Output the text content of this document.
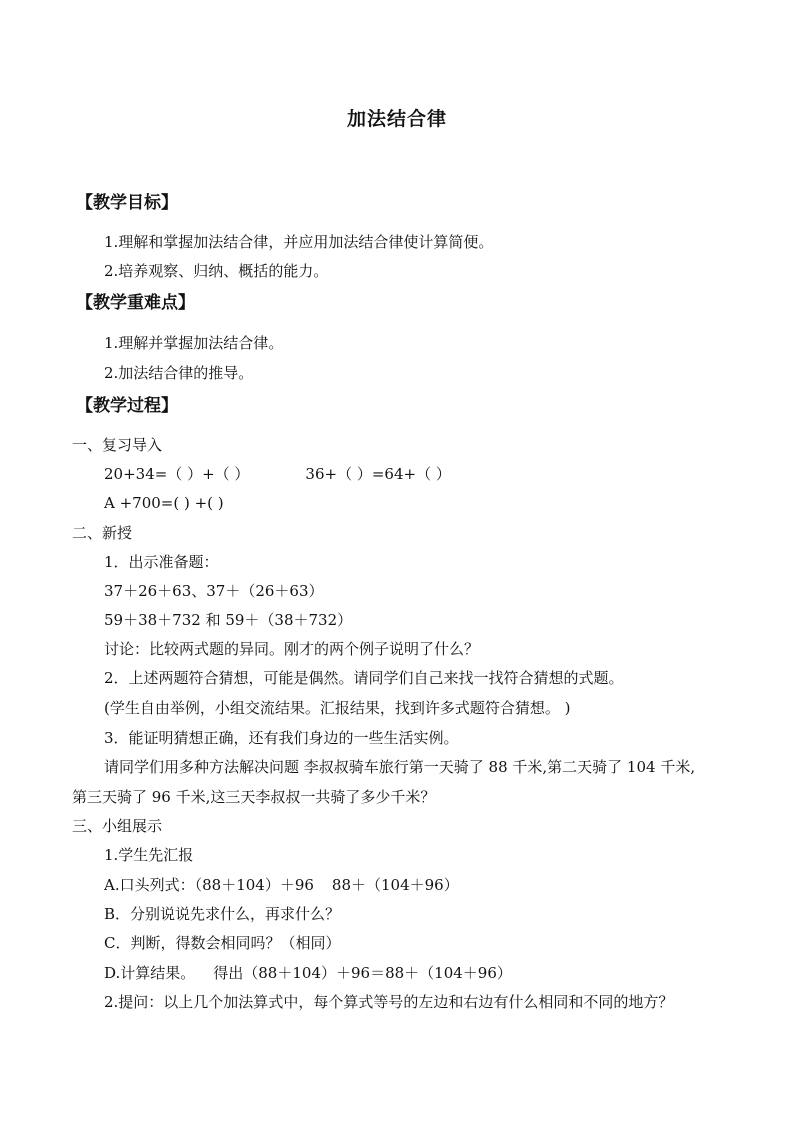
加法结合律
【教学目标】
1.理解和掌握加法结合律，并应用加法结合律使计算简便。
2.培养观察、归纳、概括的能力。
【教学重难点】
1.理解并掌握加法结合律。
2.加法结合律的推导。
【教学过程】
一、复习导入
20+34=（ ）+（ ）	36+（ ）=64+（ ）
A +700=( ) +( )
二、新授
1．出示准备题：
37＋26＋63、37＋（26＋63）
59＋38＋732 和 59＋（38＋732）
讨论：比较两式题的异同。刚才的两个例子说明了什么？
2．上述两题符合猜想，可能是偶然。请同学们自己来找一找符合猜想的式题。
(学生自由举例，小组交流结果。汇报结果，找到许多式题符合猜想。 )
3．能证明猜想正确，还有我们身边的一些生活实例。
请同学们用多种方法解决问题 李叔叔骑车旅行第一天骑了 88 千米,第二天骑了 104 千米,
第三天骑了 96 千米,这三天李叔叔一共骑了多少千米？
三、小组展示
1.学生先汇报
A.口头列式：（88＋104）＋96 88＋（104＋96）
B．分别说说先求什么，再求什么？
C．判断，得数会相同吗？（相同）
D.计算结果。 得出（88＋104）＋96＝88＋（104＋96）
2.提问：以上几个加法算式中，每个算式等号的左边和右边有什么相同和不同的地方？
